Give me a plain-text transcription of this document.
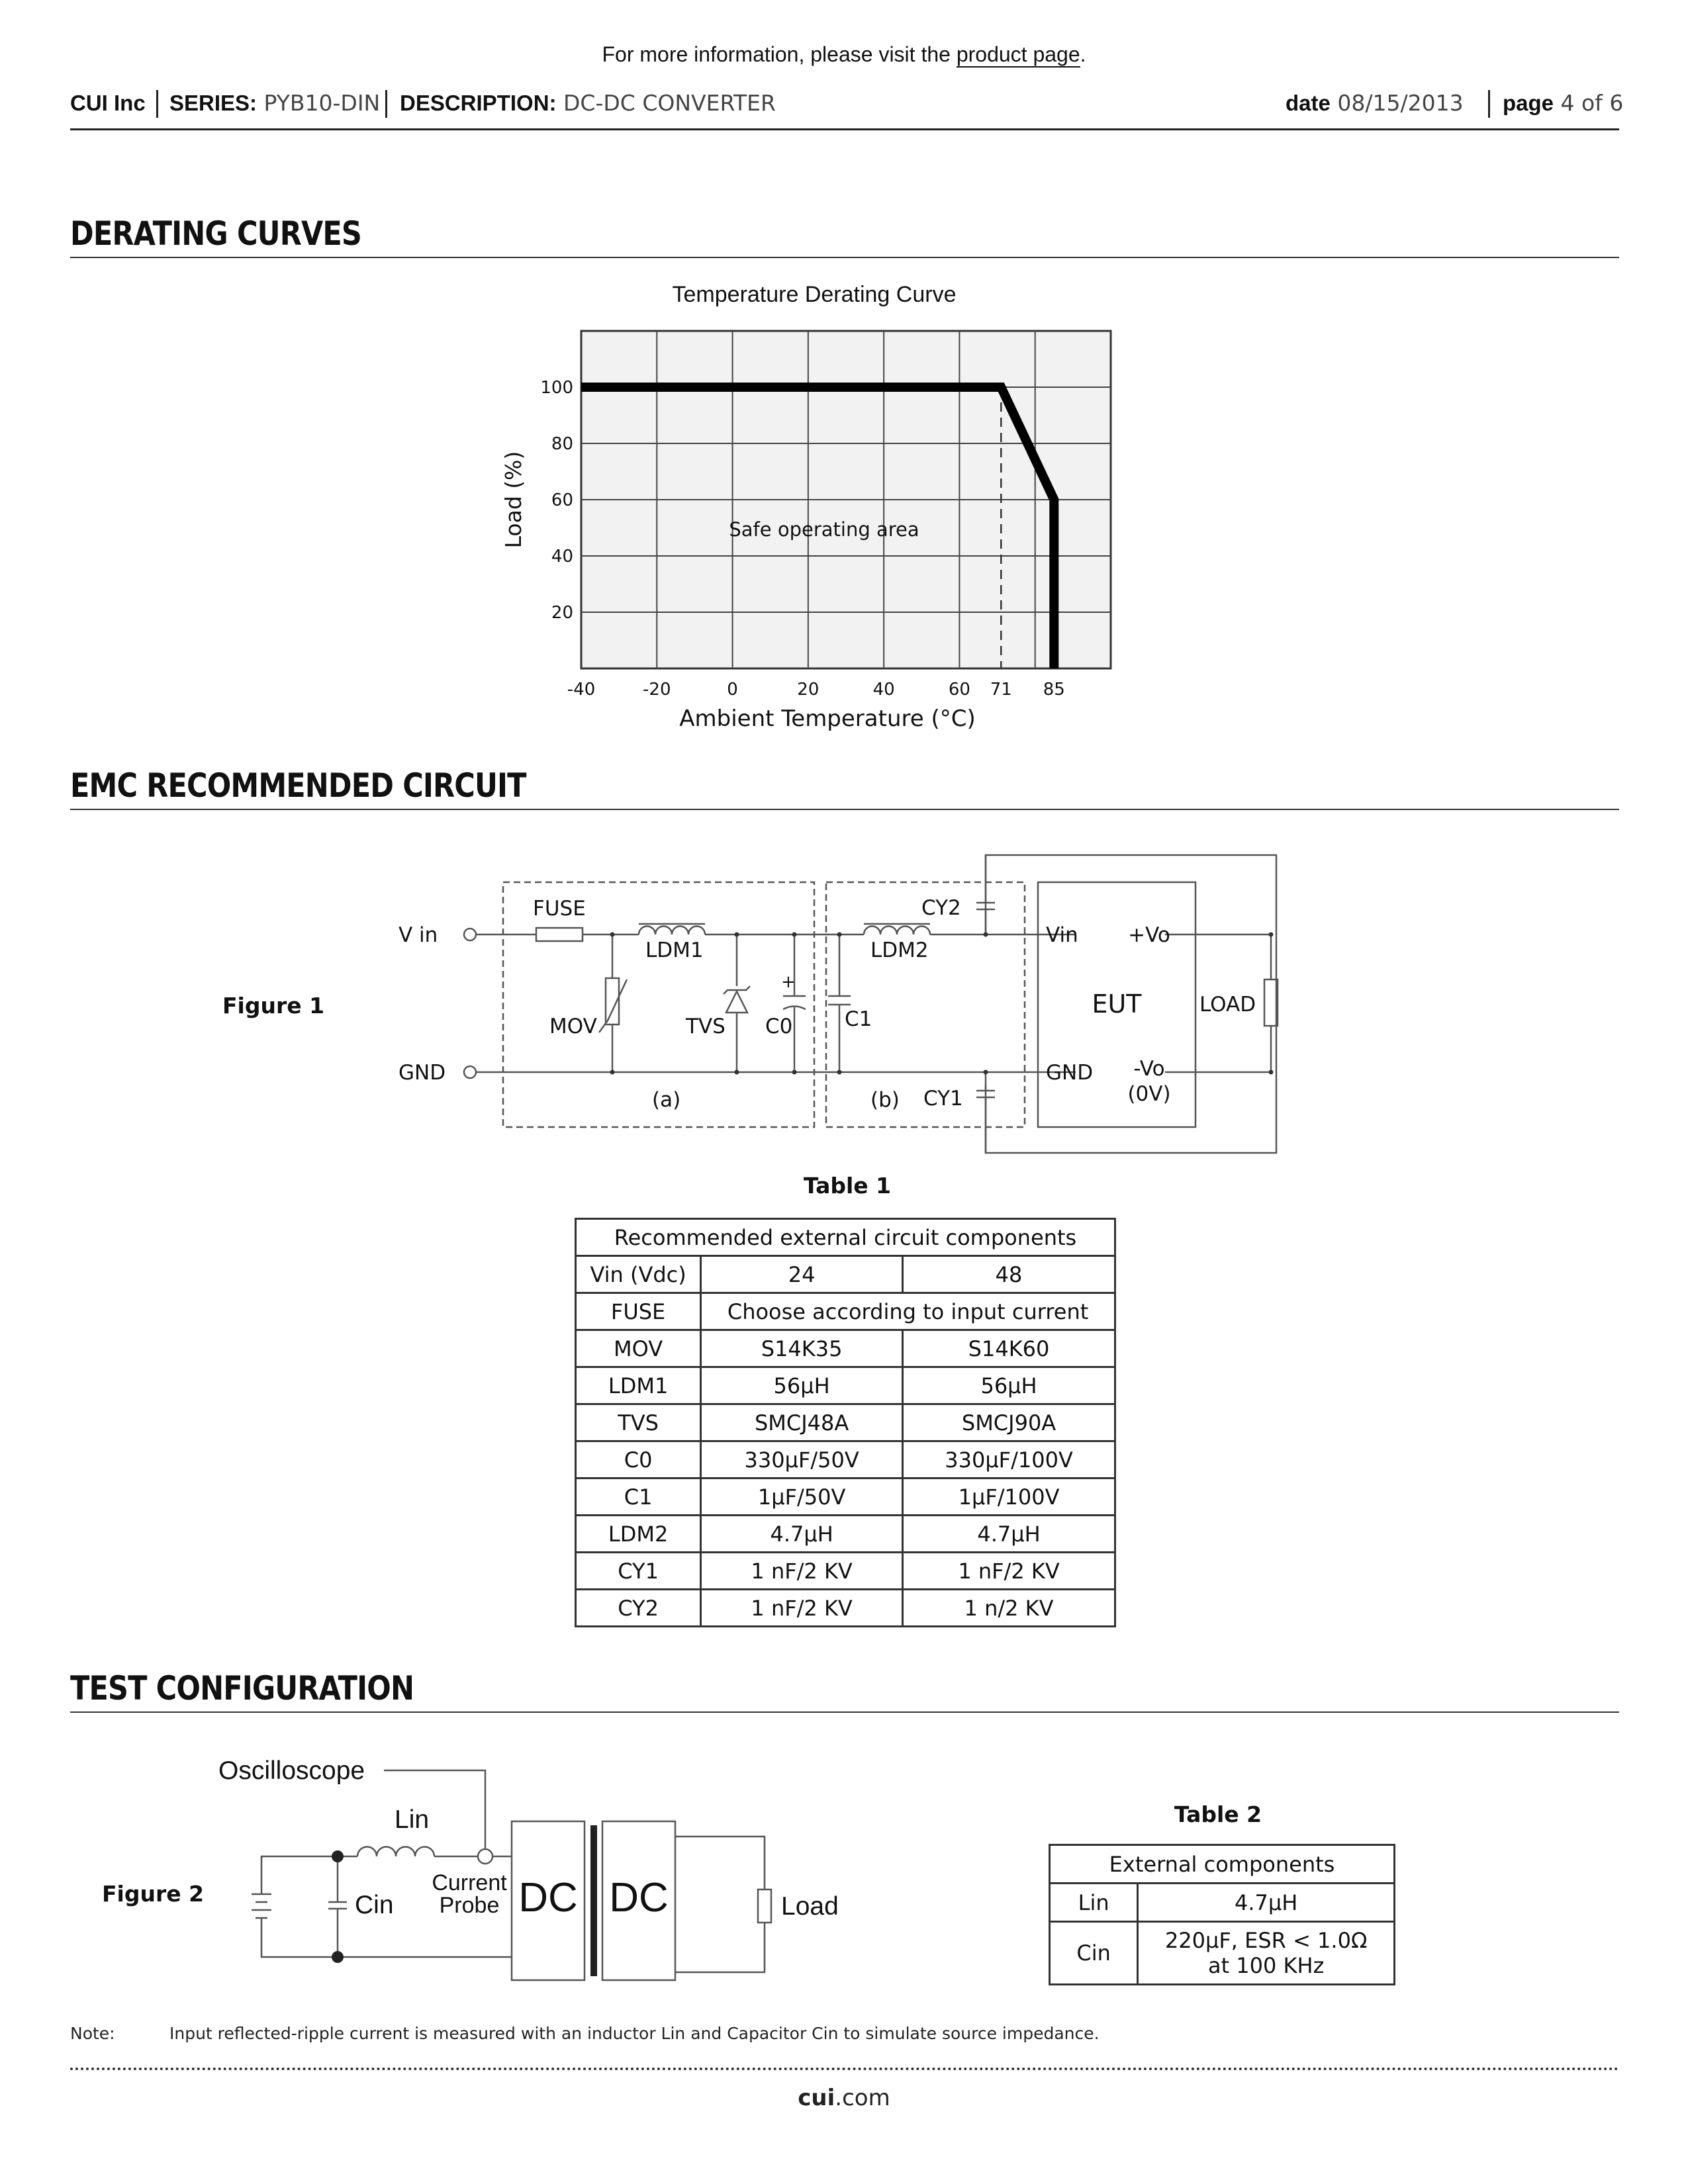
For more information, please visit the product page.
CUI Inc SERIES: PYB10-DIN DESCRIPTION: DC-DC CONVERTER	date 08/15/2013 page 4 of 6
DERATING CURVES
Temperature Derating Curve
20
40
60
80
100
-40	-20	0	20	40	60 71 85
Safe operating area
Ambient Temperature (°C)
Load (%)
EMC RECOMMENDED CIRCUIT
Figure 1
V in
GND
FUSE
LDM1	LDM2
MOV	TVS C0
+
C1
CY2
CY1
(a)	(b)
Vin
GND
+Vo
-Vo
(0V)
EUT	LOAD
Table 1
Recommended external circuit components		
Vin (Vdc)	24	48
FUSE	Choose according to input current	
MOV	S14K35	S14K60
LDM1	56μH	56μH
TVS	SMCJ48A	SMCJ90A
C0	330μF/50V	330μF/100V
C1	1μF/50V	1μF/100V
LDM2	4.7μH	4.7μH
CY1	1 nF/2 KV	1 nF/2 KV
CY2	1 nF/2 KV	1 n/2 KV
TEST CONFIGURATION
Figure 2
Oscilloscope
Lin
Cin
Current
Probe DC DC	Load
Table 2
External components	
Lin	4.7μH
Cin	220μF, ESR < 1.0Ω
at 100 KHz
Note:	Input reflected-ripple current is measured with an inductor Lin and Capacitor Cin to simulate source impedance.
cui.com
